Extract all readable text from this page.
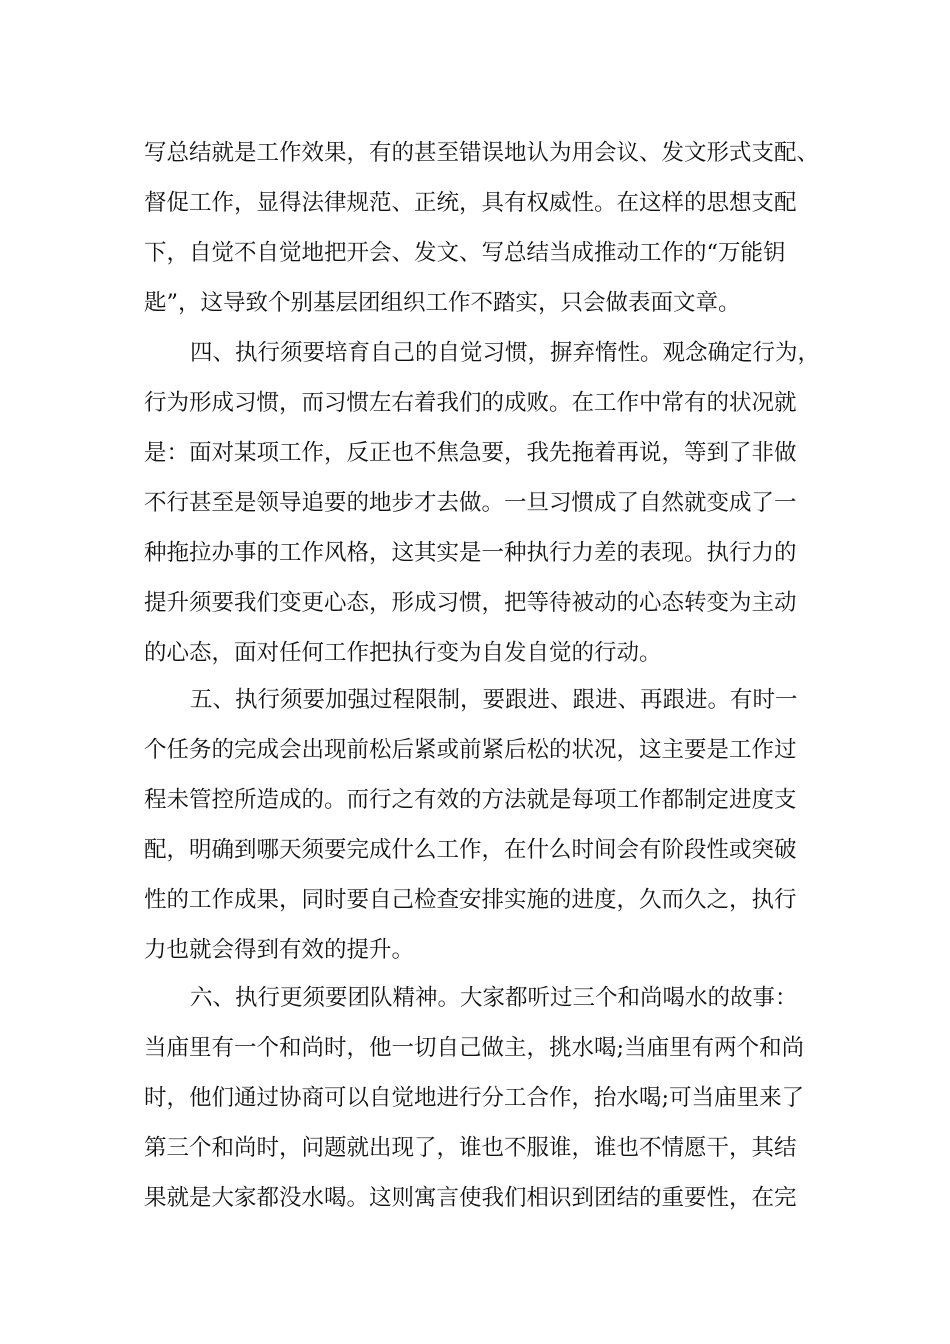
写总结就是工作效果，有的甚至错误地认为用会议、发文形式支配、
督促工作，显得法律规范、正统，具有权威性。在这样的思想支配
下，自觉不自觉地把开会、发文、写总结当成推动工作的“万能钥
匙”，这导致个别基层团组织工作不踏实，只会做表面文章。
四、执行须要培育自己的自觉习惯，摒弃惰性。观念确定行为，
行为形成习惯，而习惯左右着我们的成败。在工作中常有的状况就
是：面对某项工作，反正也不焦急要，我先拖着再说，等到了非做
不行甚至是领导追要的地步才去做。一旦习惯成了自然就变成了一
种拖拉办事的工作风格，这其实是一种执行力差的表现。执行力的
提升须要我们变更心态，形成习惯，把等待被动的心态转变为主动
的心态，面对任何工作把执行变为自发自觉的行动。
五、执行须要加强过程限制，要跟进、跟进、再跟进。有时一
个任务的完成会出现前松后紧或前紧后松的状况，这主要是工作过
程未管控所造成的。而行之有效的方法就是每项工作都制定进度支
配，明确到哪天须要完成什么工作，在什么时间会有阶段性或突破
性的工作成果，同时要自己检查安排实施的进度，久而久之，执行
力也就会得到有效的提升。
六、执行更须要团队精神。大家都听过三个和尚喝水的故事：
当庙里有一个和尚时，他一切自己做主，挑水喝;当庙里有两个和尚
时，他们通过协商可以自觉地进行分工合作，抬水喝;可当庙里来了
第三个和尚时，问题就出现了，谁也不服谁，谁也不情愿干，其结
果就是大家都没水喝。这则寓言使我们相识到团结的重要性，在完
